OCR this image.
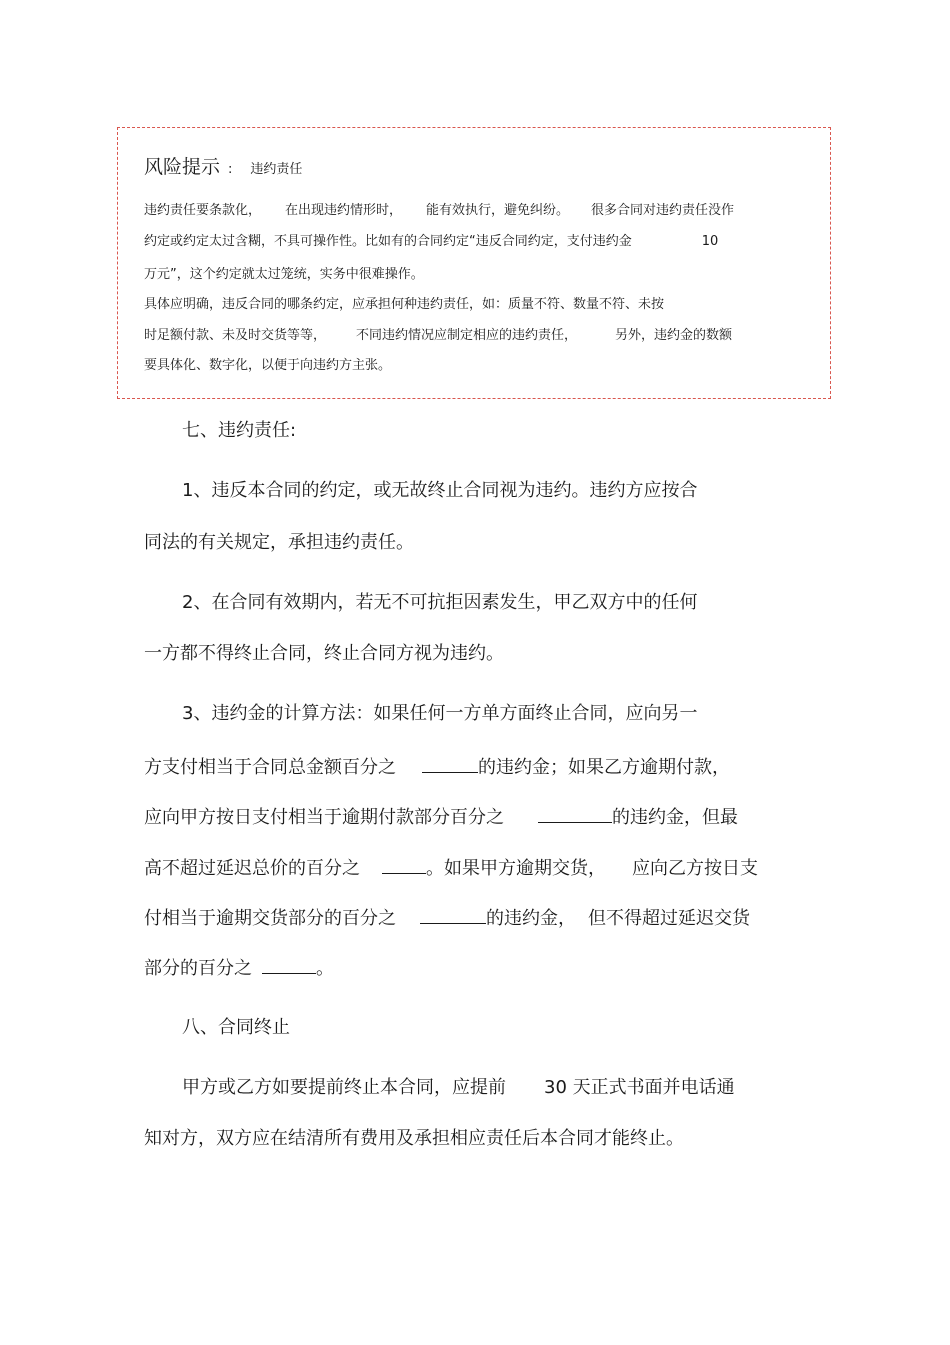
风险提示 : 违约责任
违约责任要条款化， 在出现违约情形时， 能有效执行，避免纠纷。 很多合同对违约责任没作
约定或约定太过含糊，不具可操作性。比如有的合同约定“违反合同约定，支付违约金	10
万元”，这个约定就太过笼统，实务中很难操作。
具体应明确，违反合同的哪条约定，应承担何种违约责任，如：质量不符、数量不符、未按
时足额付款、未及时交货等等， 不同违约情况应制定相应的违约责任，	另外，违约金的数额
要具体化、数字化，以便于向违约方主张。
七、违约责任:
1、违反本合同的约定，或无故终止合同视为违约。违约方应按合
同法的有关规定，承担违约责任。
2、在合同有效期内，若无不可抗拒因素发生，甲乙双方中的任何
一方都不得终止合同，终止合同方视为违约。
3、违约金的计算方法：如果任何一方单方面终止合同，应向另一
方支付相当于合同总金额百分之	的违约金；如果乙方逾期付款，
应向甲方按日支付相当于逾期付款部分百分之	的违约金，但最
高不超过延迟总价的百分之	。如果甲方逾期交货， 应向乙方按日支
付相当于逾期交货部分的百分之	的违约金， 但不得超过延迟交货
部分的百分之	。
八、合同终止
甲方或乙方如要提前终止本合同，应提前 30 天正式书面并电话通
知对方，双方应在结清所有费用及承担相应责任后本合同才能终止。
